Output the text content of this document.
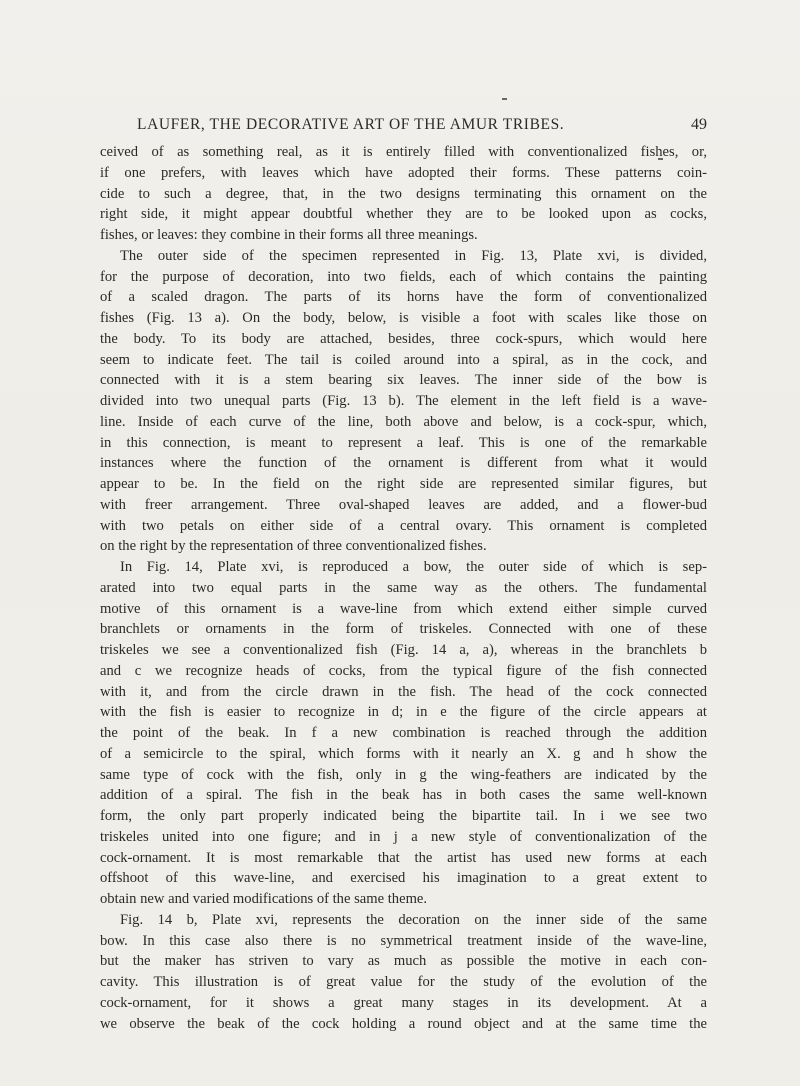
LAUFER, THE DECORATIVE ART OF THE AMUR TRIBES.	49
ceived of as something real, as it is entirely filled with conventionalized fishes, or,
if one prefers, with leaves which have adopted their forms. These patterns coin-
cide to such a degree, that, in the two designs terminating this ornament on the
right side, it might appear doubtful whether they are to be looked upon as cocks,
fishes, or leaves: they combine in their forms all three meanings.
The outer side of the specimen represented in Fig. 13, Plate xvi, is divided,
for the purpose of decoration, into two fields, each of which contains the painting
of a scaled dragon. The parts of its horns have the form of conventionalized
fishes (Fig. 13 a). On the body, below, is visible a foot with scales like those on
the body. To its body are attached, besides, three cock-spurs, which would here
seem to indicate feet. The tail is coiled around into a spiral, as in the cock, and
connected with it is a stem bearing six leaves. The inner side of the bow is
divided into two unequal parts (Fig. 13 b). The element in the left field is a wave-
line. Inside of each curve of the line, both above and below, is a cock-spur, which,
in this connection, is meant to represent a leaf. This is one of the remarkable
instances where the function of the ornament is different from what it would
appear to be. In the field on the right side are represented similar figures, but
with freer arrangement. Three oval-shaped leaves are added, and a flower-bud
with two petals on either side of a central ovary. This ornament is completed
on the right by the representation of three conventionalized fishes.
In Fig. 14, Plate xvi, is reproduced a bow, the outer side of which is sep-
arated into two equal parts in the same way as the others. The fundamental
motive of this ornament is a wave-line from which extend either simple curved
branchlets or ornaments in the form of triskeles. Connected with one of these
triskeles we see a conventionalized fish (Fig. 14 a, a), whereas in the branchlets b
and c we recognize heads of cocks, from the typical figure of the fish connected
with it, and from the circle drawn in the fish. The head of the cock connected
with the fish is easier to recognize in d; in e the figure of the circle appears at
the point of the beak. In f a new combination is reached through the addition
of a semicircle to the spiral, which forms with it nearly an X. g and h show the
same type of cock with the fish, only in g the wing-feathers are indicated by the
addition of a spiral. The fish in the beak has in both cases the same well-known
form, the only part properly indicated being the bipartite tail. In i we see two
triskeles united into one figure; and in j a new style of conventionalization of the
cock-ornament. It is most remarkable that the artist has used new forms at each
offshoot of this wave-line, and exercised his imagination to a great extent to
obtain new and varied modifications of the same theme.
Fig. 14 b, Plate xvi, represents the decoration on the inner side of the same
bow. In this case also there is no symmetrical treatment inside of the wave-line,
but the maker has striven to vary as much as possible the motive in each con-
cavity. This illustration is of great value for the study of the evolution of the
cock-ornament, for it shows a great many stages in its development. At a
we observe the beak of the cock holding a round object and at the same time the
